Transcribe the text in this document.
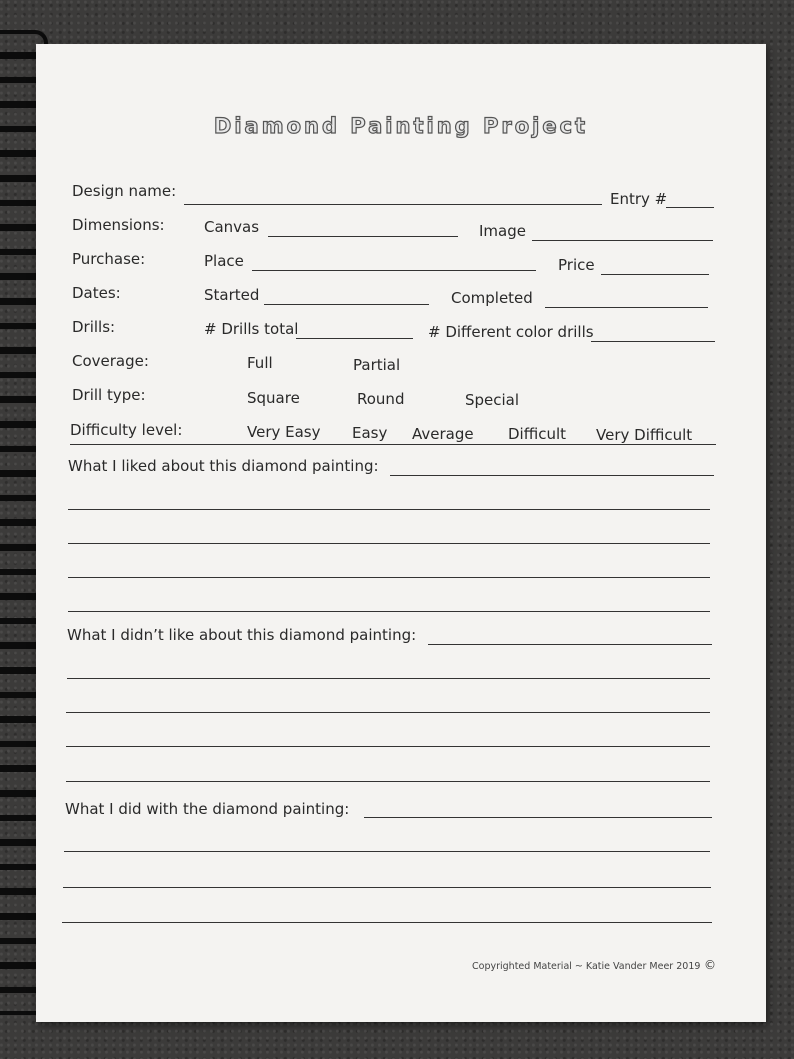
Diamond Painting Project
Design name:	Entry #
Dimensions:	Canvas	Image
Purchase:	Place	Price
Dates:	Started	Completed
Drills:	# Drills total	# Different color drills
Coverage:	Full	Partial
Drill type:	Square	Round	Special
Difficulty level:	Very Easy Easy Average Difficult Very Difficult
What I liked about this diamond painting:
What I didn’t like about this diamond painting:
What I did with the diamond painting:
Copyrighted Material ~ Katie Vander Meer 2019 ©
